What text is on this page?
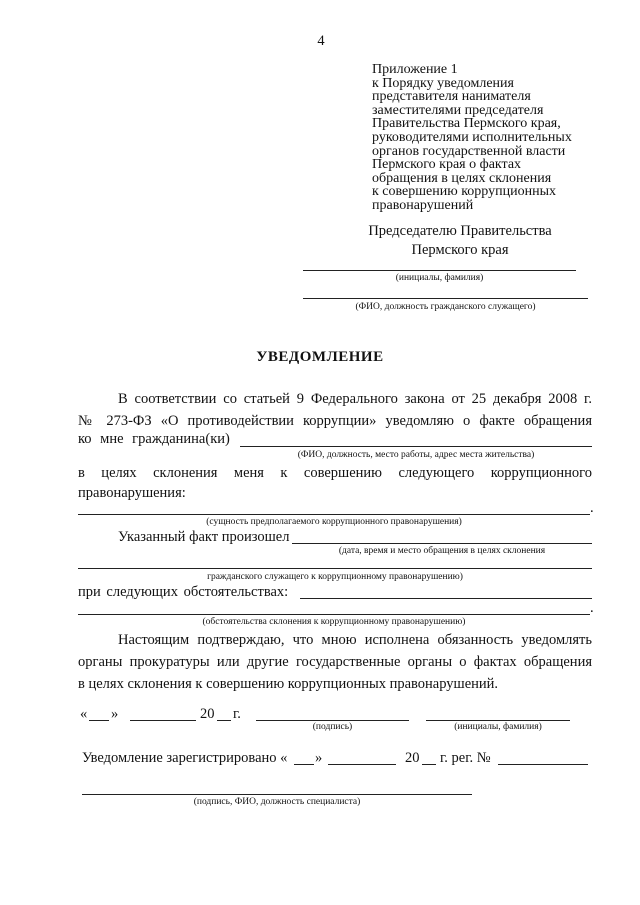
4
Приложение 1
к Порядку уведомления
представителя нанимателя
заместителями председателя
Правительства Пермского края,
руководителями исполнительных
органов государственной власти
Пермского края о фактах
обращения в целях склонения
к совершению коррупционных
правонарушений
Председателю Правительства
Пермского края
(инициалы, фамилия)
(ФИО, должность гражданского служащего)
УВЕДОМЛЕНИЕ
В соответствии со статьей 9 Федерального закона от 25 декабря 2008 г.
№ 273-ФЗ «О противодействии коррупции» уведомляю о факте обращения
ко мне гражданина(ки)
(ФИО, должность, место работы, адрес места жительства)
в целях склонения меня к совершению следующего коррупционного
правонарушения:
.
(сущность предполагаемого коррупционного правонарушения)
Указанный факт произошел
(дата, время и место обращения в целях склонения
гражданского служащего к коррупционному правонарушению)
при следующих обстоятельствах:
.
(обстоятельства склонения к коррупционному правонарушению)
Настоящим подтверждаю, что мною исполнена обязанность уведомлять
органы прокуратуры или другие государственные органы о фактах обращения
в целях склонения к совершению коррупционных правонарушений.
« »	20 г.
(подпись)	(инициалы, фамилия)
Уведомление зарегистрировано « »	20 г. рег. №
(подпись, ФИО, должность специалиста)
